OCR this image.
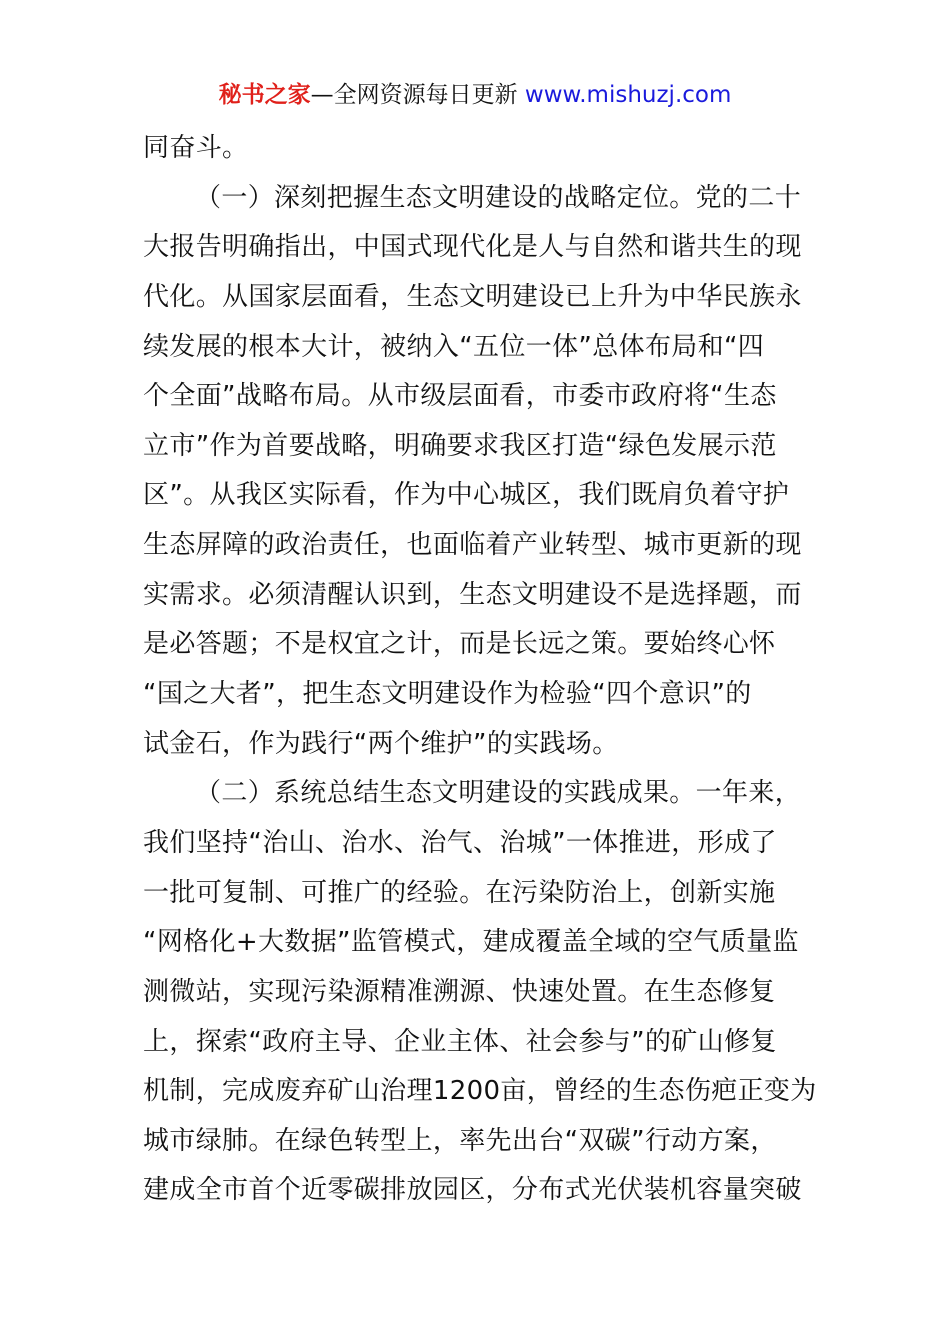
秘书之家—全网资源每日更新 www.mishuzj.com
同奋斗。
（一）深刻把握生态文明建设的战略定位。党的二十
大报告明确指出，中国式现代化是人与自然和谐共生的现
代化。从国家层面看，生态文明建设已上升为中华民族永
续发展的根本大计，被纳入“五位一体”总体布局和“四
个全面”战略布局。从市级层面看，市委市政府将“生态
立市”作为首要战略，明确要求我区打造“绿色发展示范
区”。从我区实际看，作为中心城区，我们既肩负着守护
生态屏障的政治责任，也面临着产业转型、城市更新的现
实需求。必须清醒认识到，生态文明建设不是选择题，而
是必答题；不是权宜之计，而是长远之策。要始终心怀
“国之大者”，把生态文明建设作为检验“四个意识”的
试金石，作为践行“两个维护”的实践场。
（二）系统总结生态文明建设的实践成果。一年来，
我们坚持“治山、治水、治气、治城”一体推进，形成了
一批可复制、可推广的经验。在污染防治上，创新实施
“网格化+大数据”监管模式，建成覆盖全域的空气质量监
测微站，实现污染源精准溯源、快速处置。在生态修复
上，探索“政府主导、企业主体、社会参与”的矿山修复
机制，完成废弃矿山治理1200亩，曾经的生态伤疤正变为
城市绿肺。在绿色转型上，率先出台“双碳”行动方案，
建成全市首个近零碳排放园区，分布式光伏装机容量突破
